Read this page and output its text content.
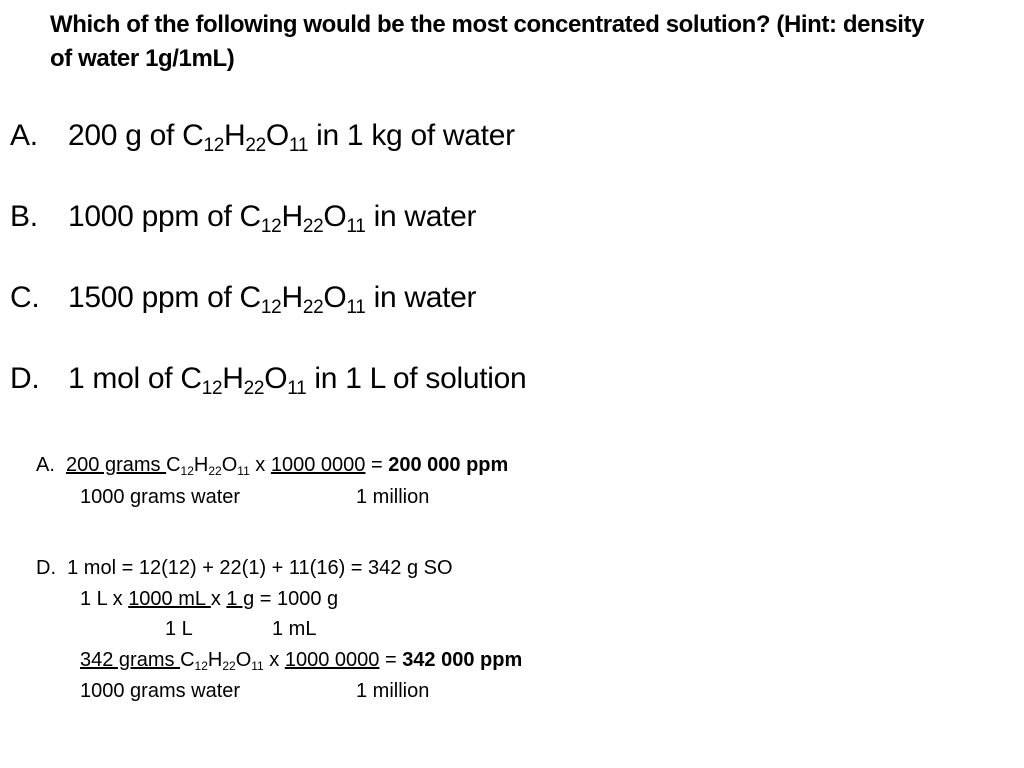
Which of the following would be the most concentrated solution? (Hint: density of water 1g/1mL)
A. 200 g of $C_{12}H_{22}O_{11}$ in 1 kg of water
B. 1000 ppm of $C_{12}H_{22}O_{11}$ in water
C. 1500 ppm of $C_{12}H_{22}O_{11}$ in water
D. 1 mol of $C_{12}H_{22}O_{11}$ in 1 L of solution
A. 200 grams $C_{12}H_{22}O_{11}$ x 1000 0000 = 200 000 ppm
1000 grams water	1 million
D. 1 mol = 12(12) + 22(1) + 11(16) = 342 g SO
1 L x 1000 mL x 1 g = 1000 g
1 L	1 mL
342 grams $C_{12}H_{22}O_{11}$ x 1000 0000 = 342 000 ppm
1000 grams water	1 million
